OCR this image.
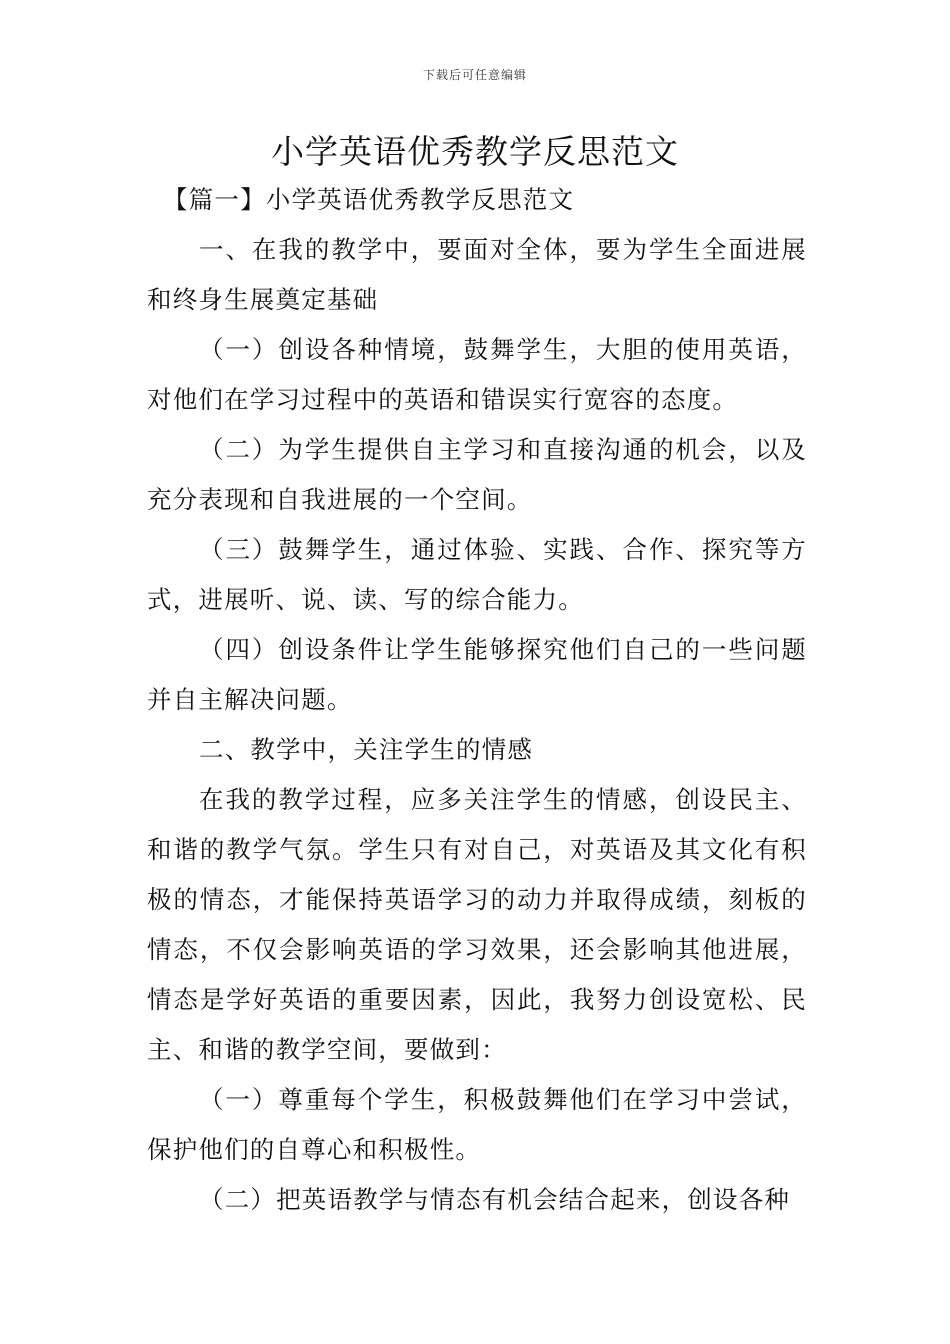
下载后可任意编辑
小学英语优秀教学反思范文

【篇一】小学英语优秀教学反思范文

一、在我的教学中，要面对全体，要为学生全面进展和终身生展奠定基础

（一）创设各种情境，鼓舞学生，大胆的使用英语，对他们在学习过程中的英语和错误实行宽容的态度。

（二）为学生提供自主学习和直接沟通的机会，以及充分表现和自我进展的一个空间。

（三）鼓舞学生，通过体验、实践、合作、探究等方式，进展听、说、读、写的综合能力。

（四）创设条件让学生能够探究他们自己的一些问题并自主解决问题。

二、教学中，关注学生的情感

在我的教学过程，应多关注学生的情感，创设民主、和谐的教学气氛。学生只有对自己，对英语及其文化有积极的情态，才能保持英语学习的动力并取得成绩，刻板的情态，不仅会影响英语的学习效果，还会影响其他进展，情态是学好英语的重要因素，因此，我努力创设宽松、民主、和谐的教学空间，要做到：

（一）尊重每个学生，积极鼓舞他们在学习中尝试，保护他们的自尊心和积极性。

（二）把英语教学与情态有机会结合起来，创设各种
